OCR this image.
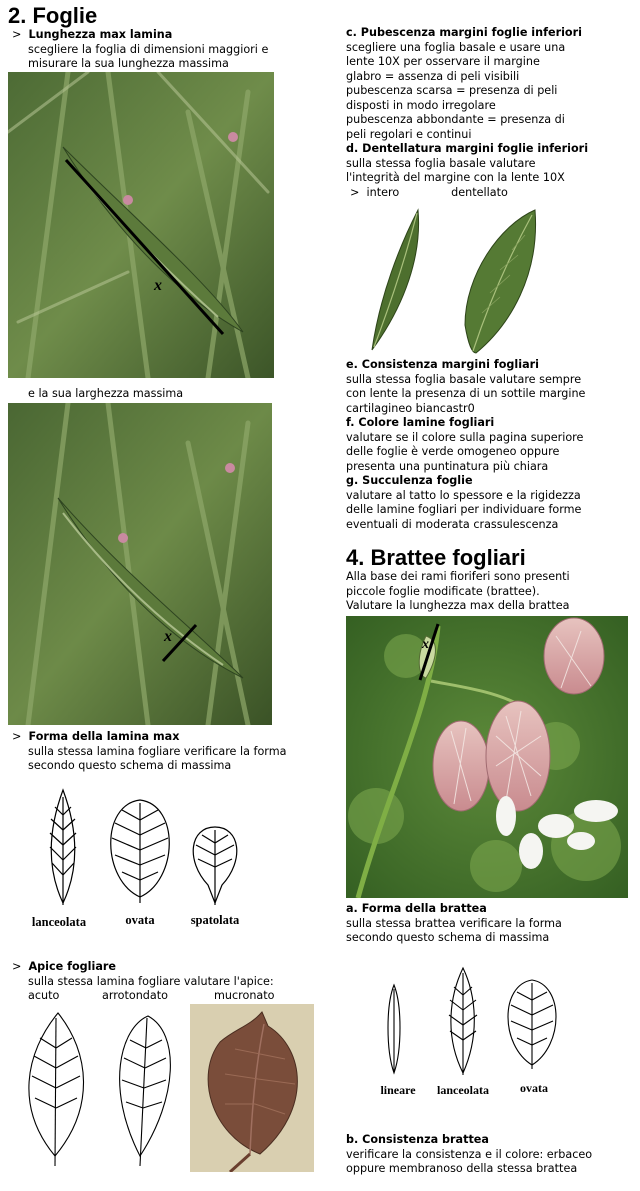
2. Foglie
> Lunghezza max lamina
scegliere la foglia di dimensioni maggiori e
misurare la sua lunghezza massima
x
e la sua larghezza massima
x
> Forma della lamina max
sulla stessa lamina fogliare verificare la forma
secondo questo schema di massima
lanceolata	ovata	spatolata
> Apice fogliare
sulla stessa lamina fogliare valutare l'apice:
acuto	arrotondato	mucronato
c. Pubescenza margini foglie inferiori
scegliere una foglia basale e usare una
lente 10X per osservare il margine
glabro = assenza di peli visibili
pubescenza scarsa = presenza di peli
disposti in modo irregolare
pubescenza abbondante = presenza di
peli regolari e continui
d. Dentellatura margini foglie inferiori
sulla stessa foglia basale valutare
l'integrità del margine con la lente 10X
> intero	dentellato
e. Consistenza margini fogliari
sulla stessa foglia basale valutare sempre
con lente la presenza di un sottile margine
cartilagineo biancastr0
f. Colore lamine fogliari
valutare se il colore sulla pagina superiore
delle foglie è verde omogeneo oppure
presenta una puntinatura più chiara
g. Succulenza foglie
valutare al tatto lo spessore e la rigidezza
delle lamine fogliari per individuare forme
eventuali di moderata crassulescenza
4. Brattee fogliari
Alla base dei rami fioriferi sono presenti
piccole foglie modificate (brattee).
Valutare la lunghezza max della brattea
x
a. Forma della brattea
sulla stessa brattea verificare la forma
secondo questo schema di massima
lineare	lanceolata	ovata
b. Consistenza brattea
verificare la consistenza e il colore: erbaceo
oppure membranoso della stessa brattea
